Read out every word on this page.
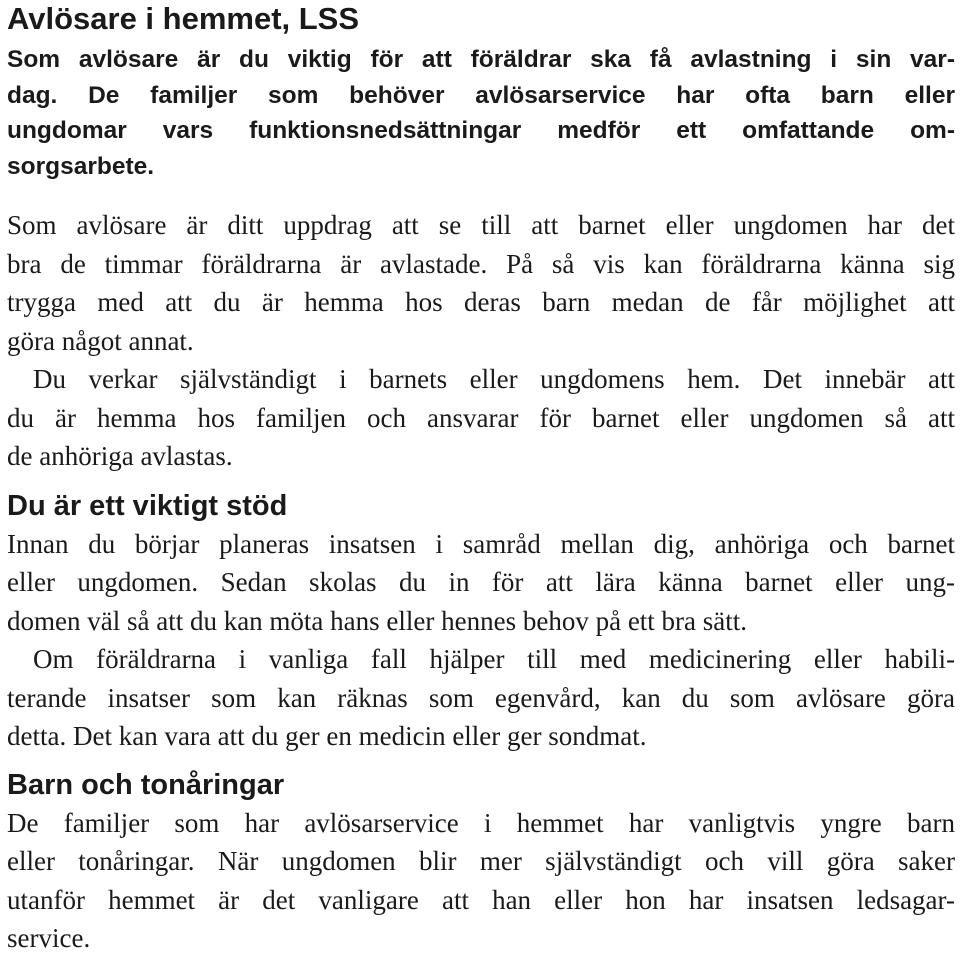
Avlösare i hemmet, LSS
Som avlösare är du viktig för att föräldrar ska få avlastning i sin var-
dag. De familjer som behöver avlösarservice har ofta barn eller
ungdomar vars funktionsnedsättningar medför ett omfattande om-
sorgsarbete.
Som avlösare är ditt uppdrag att se till att barnet eller ungdomen har det
bra de timmar föräldrarna är avlastade. På så vis kan föräldrarna känna sig
trygga med att du är hemma hos deras barn medan de får möjlighet att
göra något annat.
Du verkar självständigt i barnets eller ungdomens hem. Det innebär att
du är hemma hos familjen och ansvarar för barnet eller ungdomen så att
de anhöriga avlastas.
Du är ett viktigt stöd
Innan du börjar planeras insatsen i samråd mellan dig, anhöriga och barnet
eller ungdomen. Sedan skolas du in för att lära känna barnet eller ung-
domen väl så att du kan möta hans eller hennes behov på ett bra sätt.
Om föräldrarna i vanliga fall hjälper till med medicinering eller habili-
terande insatser som kan räknas som egenvård, kan du som avlösare göra
detta. Det kan vara att du ger en medicin eller ger sondmat.
Barn och tonåringar
De familjer som har avlösarservice i hemmet har vanligtvis yngre barn
eller tonåringar. När ungdomen blir mer självständigt och vill göra saker
utanför hemmet är det vanligare att han eller hon har insatsen ledsagar-
service.
